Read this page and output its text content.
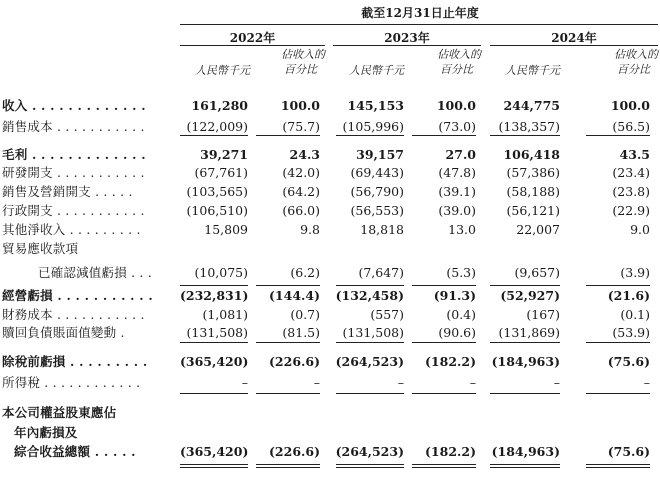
截至12月31日止年度
2022年	2023年	2024年
人民幣千元
佔收入的
百分比	人民幣千元
佔收入的
百分比	人民幣千元
佔收入的
百分比
收入 . . . . . . . . . . . . .	161,280	100.0	145,153	100.0	244,775	100.0
銷售成本 . . . . . . . . . . .	(122,009)	(75.7)	(105,996)	(73.0)	(138,357)	(56.5)
毛利 . . . . . . . . . . . . .	39,271	24.3	39,157	27.0	106,418	43.5
研發開支 . . . . . . . . . . .	(67,761)	(42.0)	(69,443)	(47.8)	(57,386)	(23.4)
銷售及營銷開支 . . . . .	(103,565)	(64.2)	(56,790)	(39.1)	(58,188)	(23.8)
行政開支 . . . . . . . . . . .	(106,510)	(66.0)	(56,553)	(39.0)	(56,121)	(22.9)
其他淨收入 . . . . . . . . .	15,809	9.8	18,818	13.0	22,007	9.0
貿易應收款項
已確認減值虧損 . . .	(10,075)	(6.2)	(7,647)	(5.3)	(9,657)	(3.9)
經營虧損 . . . . . . . . . . . (232,831)	(144.4) (132,458)	(91.3)	(52,927)	(21.6)
財務成本 . . . . . . . . . . .	(1,081)	(0.7)	(557)	(0.4)	(167)	(0.1)
贖回負債賬面值變動 .	(131,508)	(81.5)	(131,508)	(90.6)	(131,869)	(53.9)
除稅前虧損 . . . . . . . . .	(365,420)	(226.6) (264,523)	(182.2) (184,963)	(75.6)
所得稅 . . . . . . . . . . . .	–	–	–	–	–	–
本公司權益股東應佔
年內虧損及
綜合收益總額 . . . . .	(365,420)	(226.6) (264,523)	(182.2) (184,963)	(75.6)
